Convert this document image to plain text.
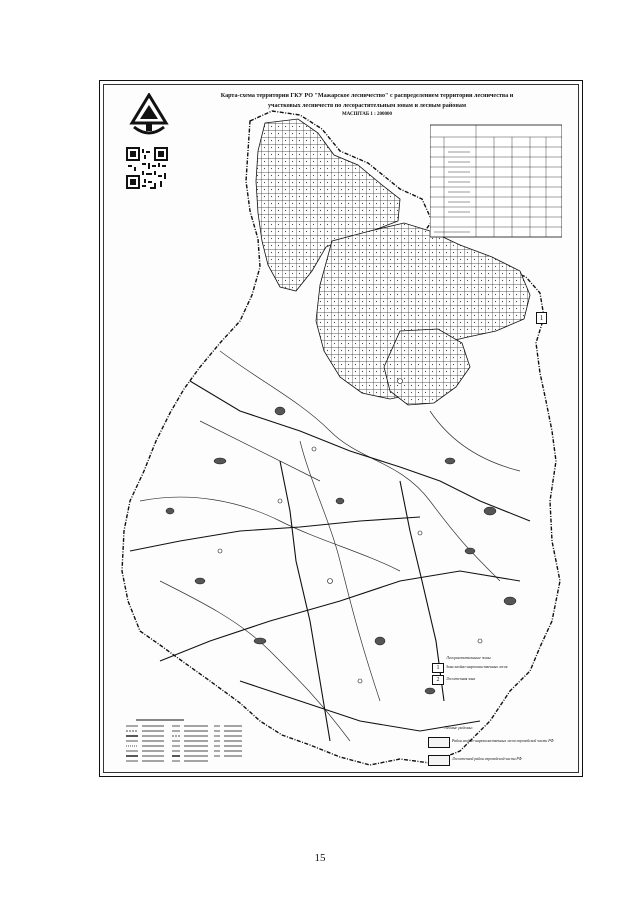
Карта-схема территории ГКУ РО "Мажарское лесничество" с распределением территории лесничества и
участковых лесничеств по лесорастительным зонам и лесным районам
МАСШТАБ 1 : 200000
1
Лесорастительные зоны
1	Зона хвойно-широколиственных лесов
2	Лесостепная зона
Лесные районы:
Район хвойно-широколиственных лесов европейской части РФ
Лесостепной район европейской части РФ
15
